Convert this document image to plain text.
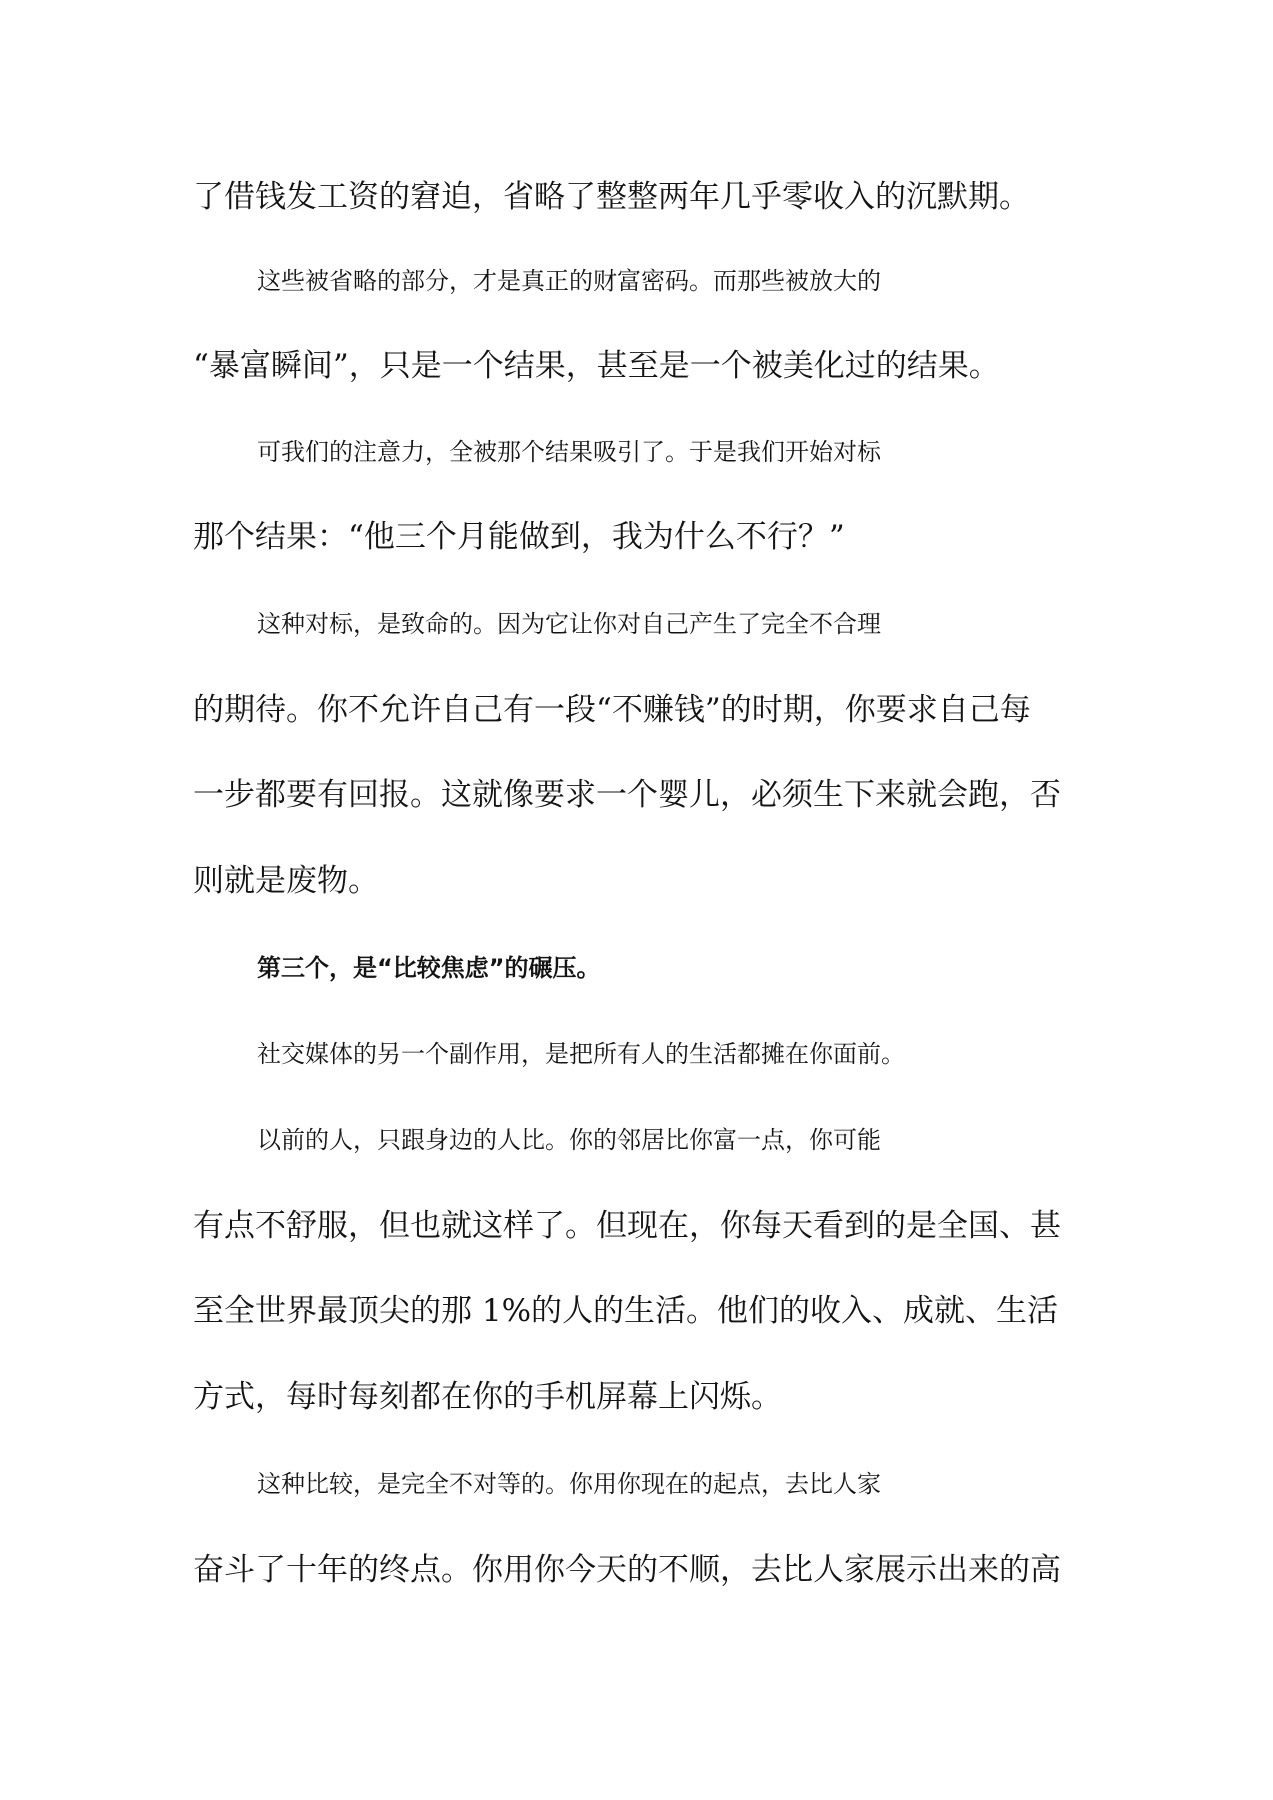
了借钱发工资的窘迫，省略了整整两年几乎零收入的沉默期。

这些被省略的部分，才是真正的财富密码。而那些被放大的

“暴富瞬间”，只是一个结果，甚至是一个被美化过的结果。

可我们的注意力，全被那个结果吸引了。于是我们开始对标

那个结果：“他三个月能做到，我为什么不行？”

这种对标，是致命的。因为它让你对自己产生了完全不合理

的期待。你不允许自己有一段“不赚钱”的时期，你要求自己每

一步都要有回报。这就像要求一个婴儿，必须生下来就会跑，否

则就是废物。

第三个，是“比较焦虑”的碾压。

社交媒体的另一个副作用，是把所有人的生活都摊在你面前。

以前的人，只跟身边的人比。你的邻居比你富一点，你可能

有点不舒服，但也就这样了。但现在，你每天看到的是全国、甚

至全世界最顶尖的那 1%的人的生活。他们的收入、成就、生活

方式，每时每刻都在你的手机屏幕上闪烁。

这种比较，是完全不对等的。你用你现在的起点，去比人家

奋斗了十年的终点。你用你今天的不顺，去比人家展示出来的高
